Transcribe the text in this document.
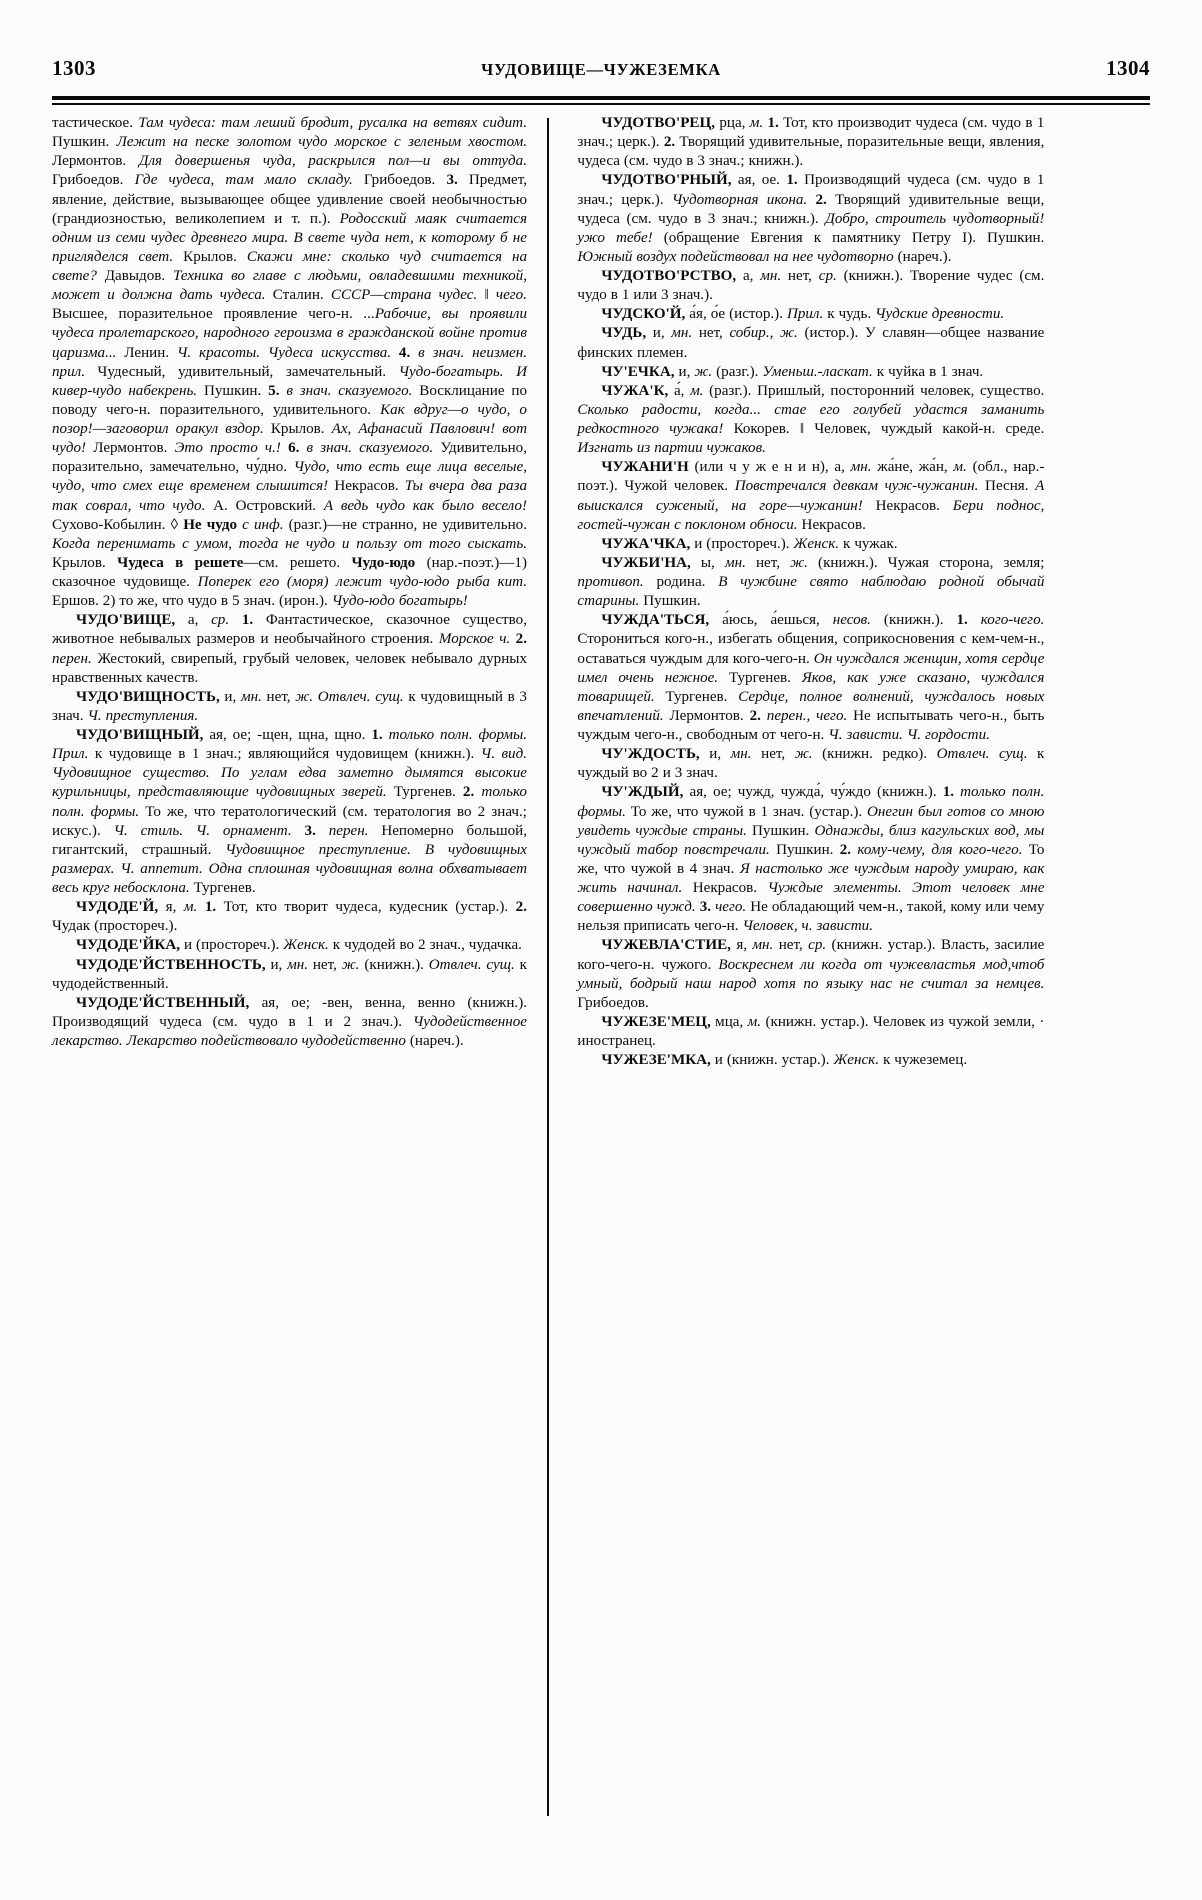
1303	ЧУДОВИЩЕ—ЧУЖЕЗЕМКА	1304

тастическое. Там чудеса: там леший бродит, русалка на ветвях сидит. Пушкин. Лежит на песке золотом чудо морское с зеленым хвостом. Лермонтов. Для довершенья чуда, раскрылся пол—и вы оттуда. Грибоедов. Где чудеса, там мало складу. Грибоедов. 3. Предмет, явление, действие, вызывающее общее удивление своей необычностью (грандиозностью, великолепием и т. п.). Родосский маяк считается одним из семи чудес древнего мира. В свете чуда нет, к которому б не пригляделся свет. Крылов. Скажи мне: сколько чуд считается на свете? Давыдов. Техника во главе с людьми, овладевшими техникой, может и должна дать чудеса. Сталин. СССР—страна чудес. ‖ чего. Высшее, поразительное проявление чего-н. ...Рабочие, вы проявили чудеса пролетарского, народного героизма в гражданской войне против царизма... Ленин. Ч. красоты. Чудеса искусства. 4. в знач. неизмен. прил. Чудесный, удивительный, замечательный. Чудо-богатырь. И кивер-чудо набекрень. Пушкин. 5. в знач. сказуемого. Восклицание по поводу чего-н. поразительного, удивительного. Как вдруг—о чудо, о позор!—заговорил оракул вздор. Крылов. Ах, Афанасий Павлович! вот чудо! Лермонтов. Это просто ч.! 6. в знач. сказуемого. Удивительно, поразительно, замечательно, чу́дно. Чудо, что есть еще лица веселые, чудо, что смех еще временем слышится! Некрасов. Ты вчера два раза так соврал, что чудо. А. Островский. А ведь чудо как было весело! Сухово-Кобылин. ◊ Не чудо с инф. (разг.)—не странно, не удивительно. Когда перенимать с умом, тогда не чудо и пользу от того сыскать. Крылов. Чудеса в решете—см. решето. Чудо-юдо (нар.-поэт.)—1) сказочное чудовище. Поперек его (моря) лежит чудо-юдо рыба кит. Ершов. 2) то же, что чудо в 5 знач. (ирон.). Чудо-юдо богатырь!

ЧУДО'ВИЩЕ, а, ср. 1. Фантастическое, сказочное существо, животное небывалых размеров и необычайного строения. Морское ч. 2. перен. Жестокий, свирепый, грубый человек, человек небывало дурных нравственных качеств.

ЧУДО'ВИЩНОСТЬ, и, мн. нет, ж. Отвлеч. сущ. к чудовищный в 3 знач. Ч. преступления.

ЧУДО'ВИЩНЫЙ, ая, ое; -щен, щна, щно. 1. только полн. формы. Прил. к чудовище в 1 знач.; являющийся чудовищем (книжн.). Ч. вид. Чудовищное существо. По углам едва заметно дымятся высокие курильницы, представляющие чудовищных зверей. Тургенев. 2. только полн. формы. То же, что тератологический (см. тератология во 2 знач.; искус.). Ч. стиль. Ч. орнамент. 3. перен. Непомерно большой, гигантский, страшный. Чудовищное преступление. В чудовищных размерах. Ч. аппетит. Одна сплошная чудовищная волна обхватывает весь круг небосклона. Тургенев.

ЧУДОДЕ'Й, я, м. 1. Тот, кто творит чудеса, кудесник (устар.). 2. Чудак (простореч.).

ЧУДОДЕ'ЙКА, и (простореч.). Женск. к чудодей во 2 знач., чудачка.

ЧУДОДЕ'ЙСТВЕННОСТЬ, и, мн. нет, ж. (книжн.). Отвлеч. сущ. к чудодейственный.

ЧУДОДЕ'ЙСТВЕННЫЙ, ая, ое; -вен, венна, венно (книжн.). Производящий чудеса (см. чудо в 1 и 2 знач.). Чудодейственное лекарство. Лекарство подействовало чудодейственно (нареч.).

ЧУДОТВО'РЕЦ, рца, м. 1. Тот, кто производит чудеса (см. чудо в 1 знач.; церк.). 2. Творящий удивительные, поразительные вещи, явления, чудеса (см. чудо в 3 знач.; книжн.).

ЧУДОТВО'РНЫЙ, ая, ое. 1. Производящий чудеса (см. чудо в 1 знач.; церк.). Чудотворная икона. 2. Творящий удивительные вещи, чудеса (см. чудо в 3 знач.; книжн.). Добро, строитель чудотворный! ужо тебе! (обращение Евгения к памятнику Петру I). Пушкин. Южный воздух подействовал на нее чудотворно (нареч.).

ЧУДОТВО'РСТВО, а, мн. нет, ср. (книжн.). Творение чудес (см. чудо в 1 или 3 знач.).

ЧУДСКО'Й, а́я, о́е (истор.). Прил. к чудь. Чудские древности.

ЧУДЬ, и, мн. нет, собир., ж. (истор.). У славян—общее название финских племен.

ЧУ'ЕЧКА, и, ж. (разг.). Уменьш.-ласкат. к чуйка в 1 знач.

ЧУЖА'К, а́, м. (разг.). Пришлый, посторонний человек, существо. Сколько радости, когда... стае его голубей удастся заманить редкостного чужака! Кокорев. ‖ Человек, чуждый какой-н. среде. Изгнать из партии чужаков.

ЧУЖАНИ'Н (или ч у ж е н и н), а, мн. жа́не, жа́н, м. (обл., нар.-поэт.). Чужой человек. Повстречался девкам чуж-чужанин. Песня. А выискался суженый, на горе—чужанин! Некрасов. Бери поднос, гостей-чужан с поклоном обноси. Некрасов.

ЧУЖА'ЧКА, и (простореч.). Женск. к чужак.

ЧУЖБИ'НА, ы, мн. нет, ж. (книжн.). Чужая сторона, земля; противоп. родина. В чужбине свято наблюдаю родной обычай старины. Пушкин.

ЧУЖДА'ТЬСЯ, а́юсь, а́ешься, несов. (книжн.). 1. кого-чего. Сторониться кого-н., избегать общения, соприкосновения с кем-чем-н., оставаться чуждым для кого-чего-н. Он чуждался женщин, хотя сердце имел очень нежное. Тургенев. Яков, как уже сказано, чуждался товарищей. Тургенев. Сердце, полное волнений, чуждалось новых впечатлений. Лермонтов. 2. перен., чего. Не испытывать чего-н., быть чуждым чего-н., свободным от чего-н. Ч. зависти. Ч. гордости.

ЧУ'ЖДОСТЬ, и, мн. нет, ж. (книжн. редко). Отвлеч. сущ. к чуждый во 2 и 3 знач.

ЧУ'ЖДЫЙ, ая, ое; чужд, чужда́, чу́ждо (книжн.). 1. только полн. формы. То же, что чужой в 1 знач. (устар.). Онегин был готов со мною увидеть чуждые страны. Пушкин. Однажды, близ кагульских вод, мы чуждый табор повстречали. Пушкин. 2. кому-чему, для кого-чего. То же, что чужой в 4 знач. Я настолько же чуждым народу умираю, как жить начинал. Некрасов. Чуждые элементы. Этот человек мне совершенно чужд. 3. чего. Не обладающий чем-н., такой, кому или чему нельзя приписать чего-н. Человек, ч. зависти.

ЧУЖЕВЛА'СТИЕ, я, мн. нет, ср. (книжн. устар.). Власть, засилие кого-чего-н. чужого. Воскреснем ли когда от чужевластья мод,чтоб умный, бодрый наш народ хотя по языку нас не считал за немцев. Грибоедов.

ЧУЖЕЗЕ'МЕЦ, мца, м. (книжн. устар.). Человек из чужой земли, · иностранец.

ЧУЖЕЗЕ'МКА, и (книжн. устар.). Женск. к чужеземец.
